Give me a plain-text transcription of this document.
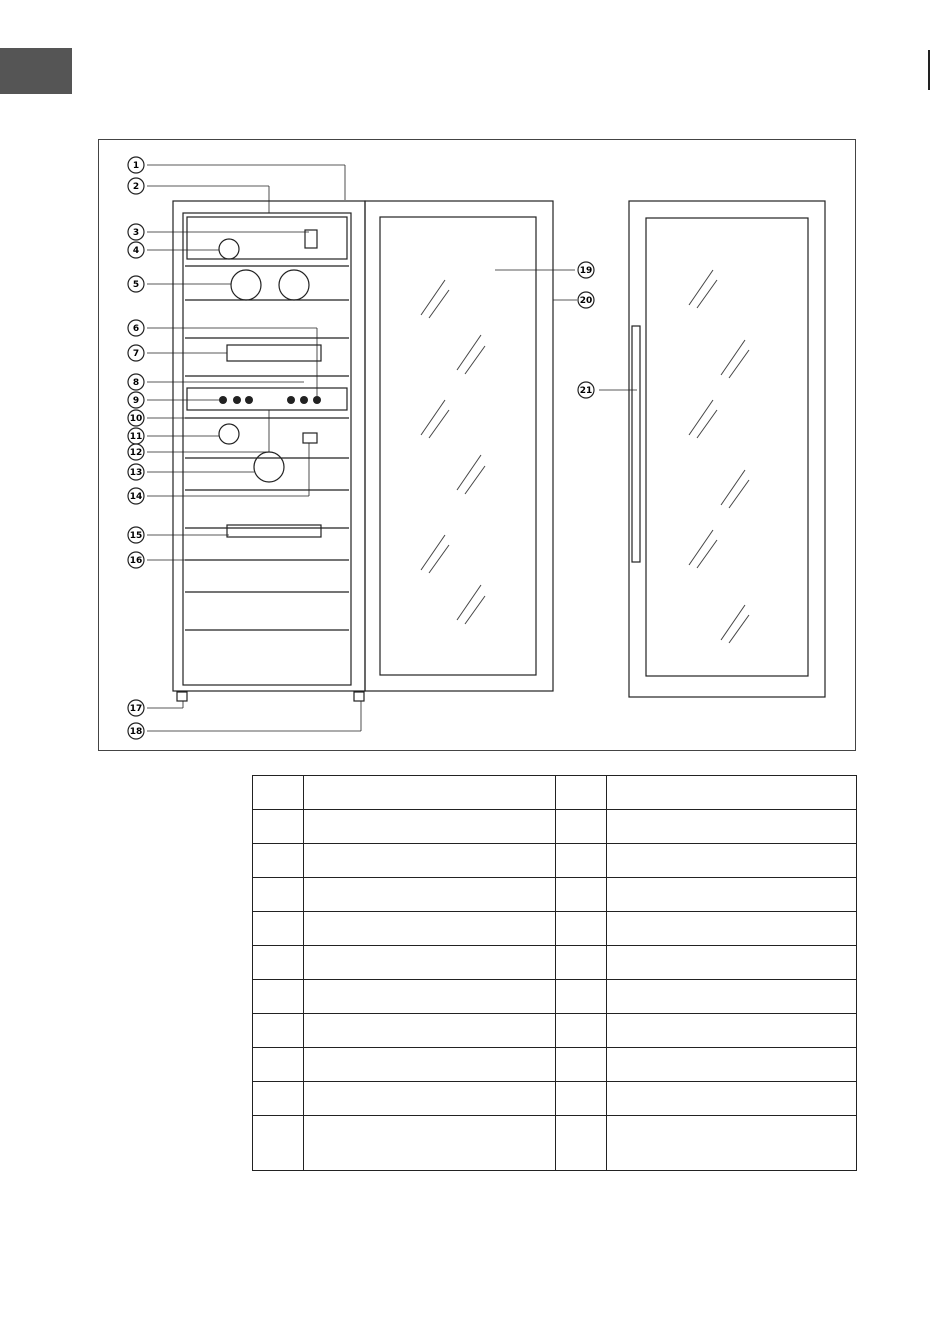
1
2
3
4
5
6
7
8
9
10
11
12
13
14
15
16
17
18
19
20
21
